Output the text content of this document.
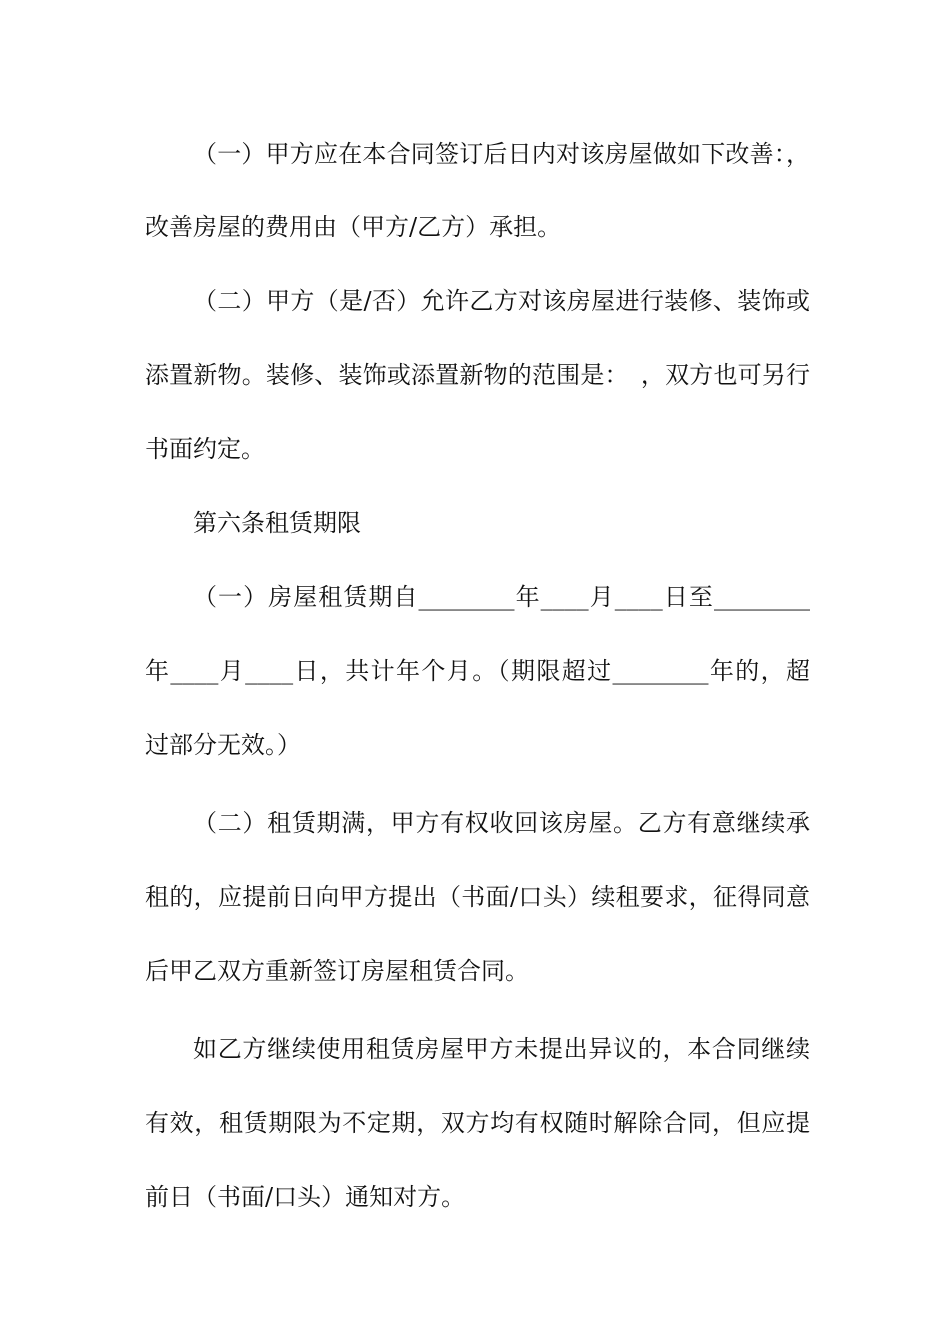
（一）甲方应在本合同签订后日内对该房屋做如下改善：，
改善房屋的费用由（甲方/乙方）承担。
（二）甲方（是/否）允许乙方对该房屋进行装修、装饰或
添置新物。装修、装饰或添置新物的范围是：　，双方也可另行
书面约定。
第六条租赁期限
（一）房屋租赁期自________年____月____日至________
年____月____日，共计年个月。（期限超过________年的，超
过部分无效。）
（二）租赁期满，甲方有权收回该房屋。乙方有意继续承
租的，应提前日向甲方提出（书面/口头）续租要求，征得同意
后甲乙双方重新签订房屋租赁合同。
如乙方继续使用租赁房屋甲方未提出异议的，本合同继续
有效，租赁期限为不定期，双方均有权随时解除合同，但应提
前日（书面/口头）通知对方。
